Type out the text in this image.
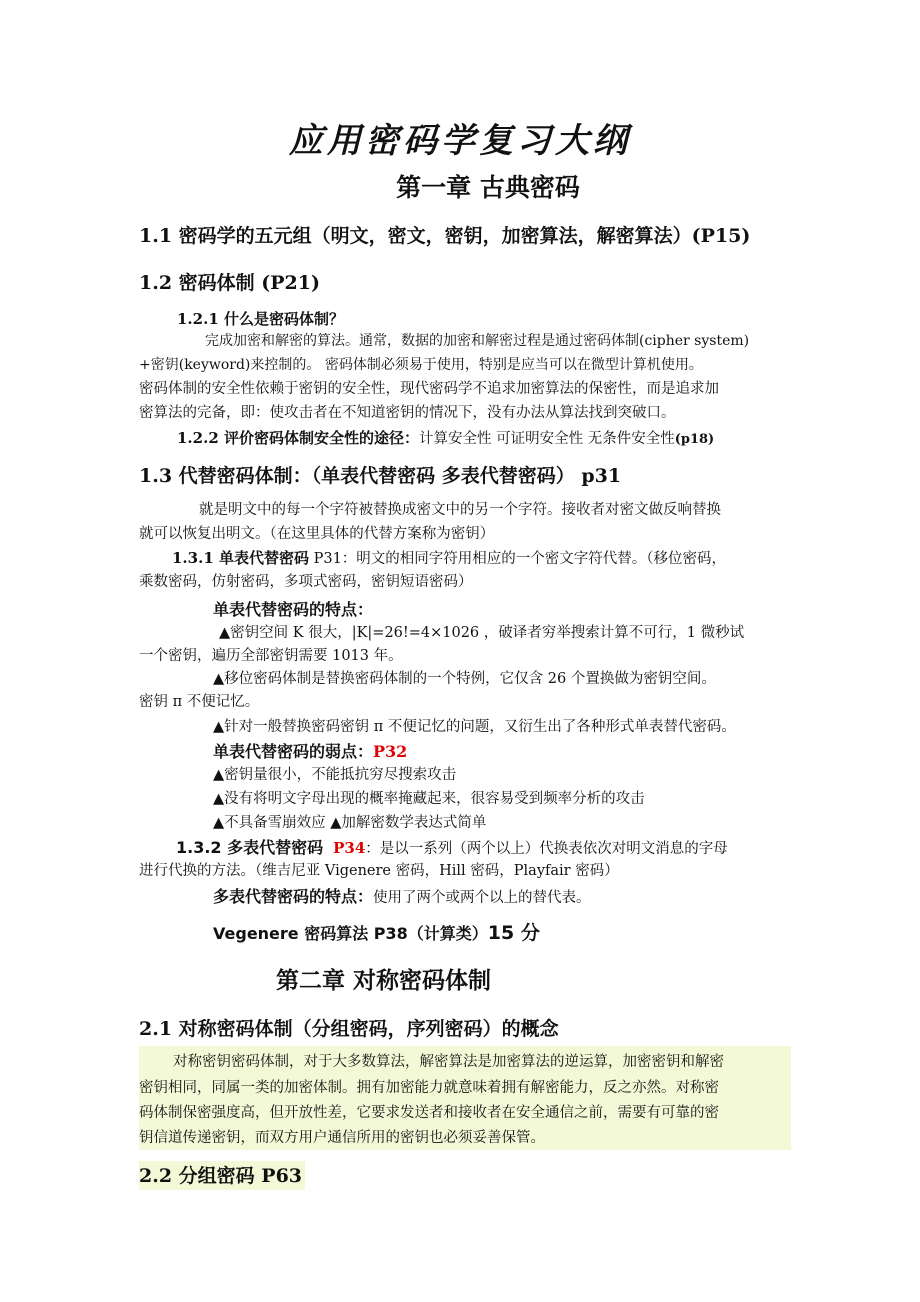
应用密码学复习大纲
第一章 古典密码
1.1 密码学的五元组（明文，密文，密钥，加密算法，解密算法）(P15)
1.2 密码体制 (P21)
1.2.1 什么是密码体制？
完成加密和解密的算法。通常，数据的加密和解密过程是通过密码体制(cipher system)
+密钥(keyword)来控制的。 密码体制必须易于使用，特别是应当可以在微型计算机使用。
密码体制的安全性依赖于密钥的安全性，现代密码学不追求加密算法的保密性，而是追求加
密算法的完备，即：使攻击者在不知道密钥的情况下，没有办法从算法找到突破口。
1.2.2 评价密码体制安全性的途径：计算安全性 可证明安全性 无条件安全性(p18)
1.3 代替密码体制：（单表代替密码 多表代替密码） p31
就是明文中的每一个字符被替换成密文中的另一个字符。接收者对密文做反响替换
就可以恢复出明文。（在这里具体的代替方案称为密钥）
1.3.1 单表代替密码 P31：明文的相同字符用相应的一个密文字符代替。（移位密码，
乘数密码，仿射密码，多项式密码，密钥短语密码）
单表代替密码的特点：
▲密钥空间 K 很大，|K|=26!=4×1026 ，破译者穷举搜索计算不可行，1 微秒试
一个密钥，遍历全部密钥需要 1013 年。
▲移位密码体制是替换密码体制的一个特例，它仅含 26 个置换做为密钥空间。
密钥 π 不便记忆。
▲针对一般替换密码密钥 π 不便记忆的问题，又衍生出了各种形式单表替代密码。
单表代替密码的弱点：P32
▲密钥量很小，不能抵抗穷尽搜索攻击
▲没有将明文字母出现的概率掩藏起来，很容易受到频率分析的攻击
▲不具备雪崩效应 ▲加解密数学表达式简单
1.3.2 多表代替密码 P34：是以一系列（两个以上）代换表依次对明文消息的字母
进行代换的方法。（维吉尼亚 Vigenere 密码，Hill 密码，Playfair 密码）
多表代替密码的特点：使用了两个或两个以上的替代表。
Vegenere 密码算法 P38（计算类）15 分
第二章 对称密码体制
2.1 对称密码体制（分组密码，序列密码）的概念
对称密钥密码体制，对于大多数算法，解密算法是加密算法的逆运算，加密密钥和解密
密钥相同，同属一类的加密体制。拥有加密能力就意味着拥有解密能力，反之亦然。对称密
码体制保密强度高，但开放性差，它要求发送者和接收者在安全通信之前，需要有可靠的密
钥信道传递密钥，而双方用户通信所用的密钥也必须妥善保管。
2.2 分组密码 P63
